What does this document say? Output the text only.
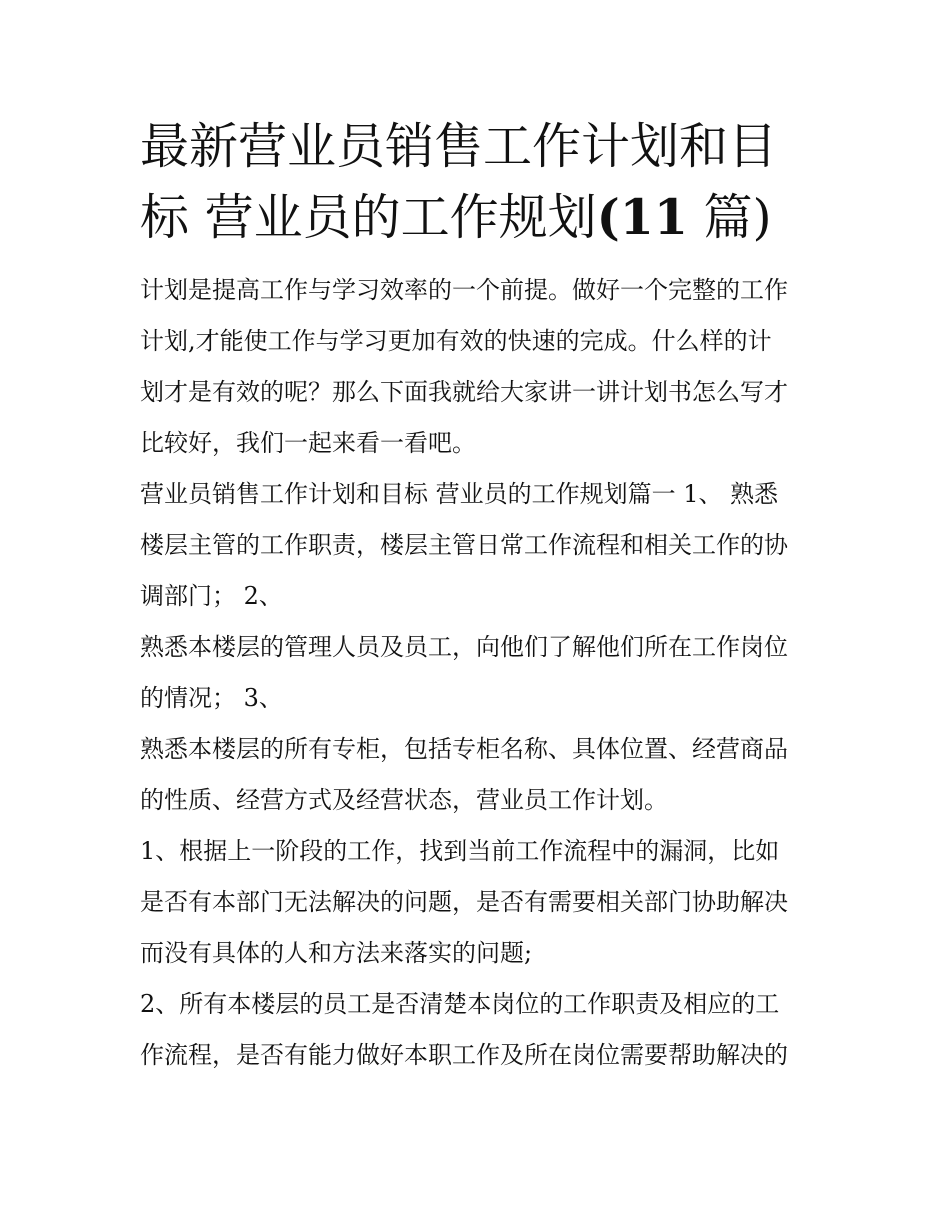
最新营业员销售工作计划和目
标 营业员的工作规划(11 篇)

计划是提高工作与学习效率的一个前提。做好一个完整的工作
计划,才能使工作与学习更加有效的快速的完成。什么样的计
划才是有效的呢？那么下面我就给大家讲一讲计划书怎么写才
比较好，我们一起来看一看吧。

营业员销售工作计划和目标 营业员的工作规划篇一 1、 熟悉
楼层主管的工作职责，楼层主管日常工作流程和相关工作的协
调部门； 2、

熟悉本楼层的管理人员及员工，向他们了解他们所在工作岗位
的情况； 3、

熟悉本楼层的所有专柜，包括专柜名称、具体位置、经营商品
的性质、经营方式及经营状态，营业员工作计划。

1、根据上一阶段的工作，找到当前工作流程中的漏洞，比如
是否有本部门无法解决的问题，是否有需要相关部门协助解决
而没有具体的人和方法来落实的问题;

2、所有本楼层的员工是否清楚本岗位的工作职责及相应的工
作流程，是否有能力做好本职工作及所在岗位需要帮助解决的
